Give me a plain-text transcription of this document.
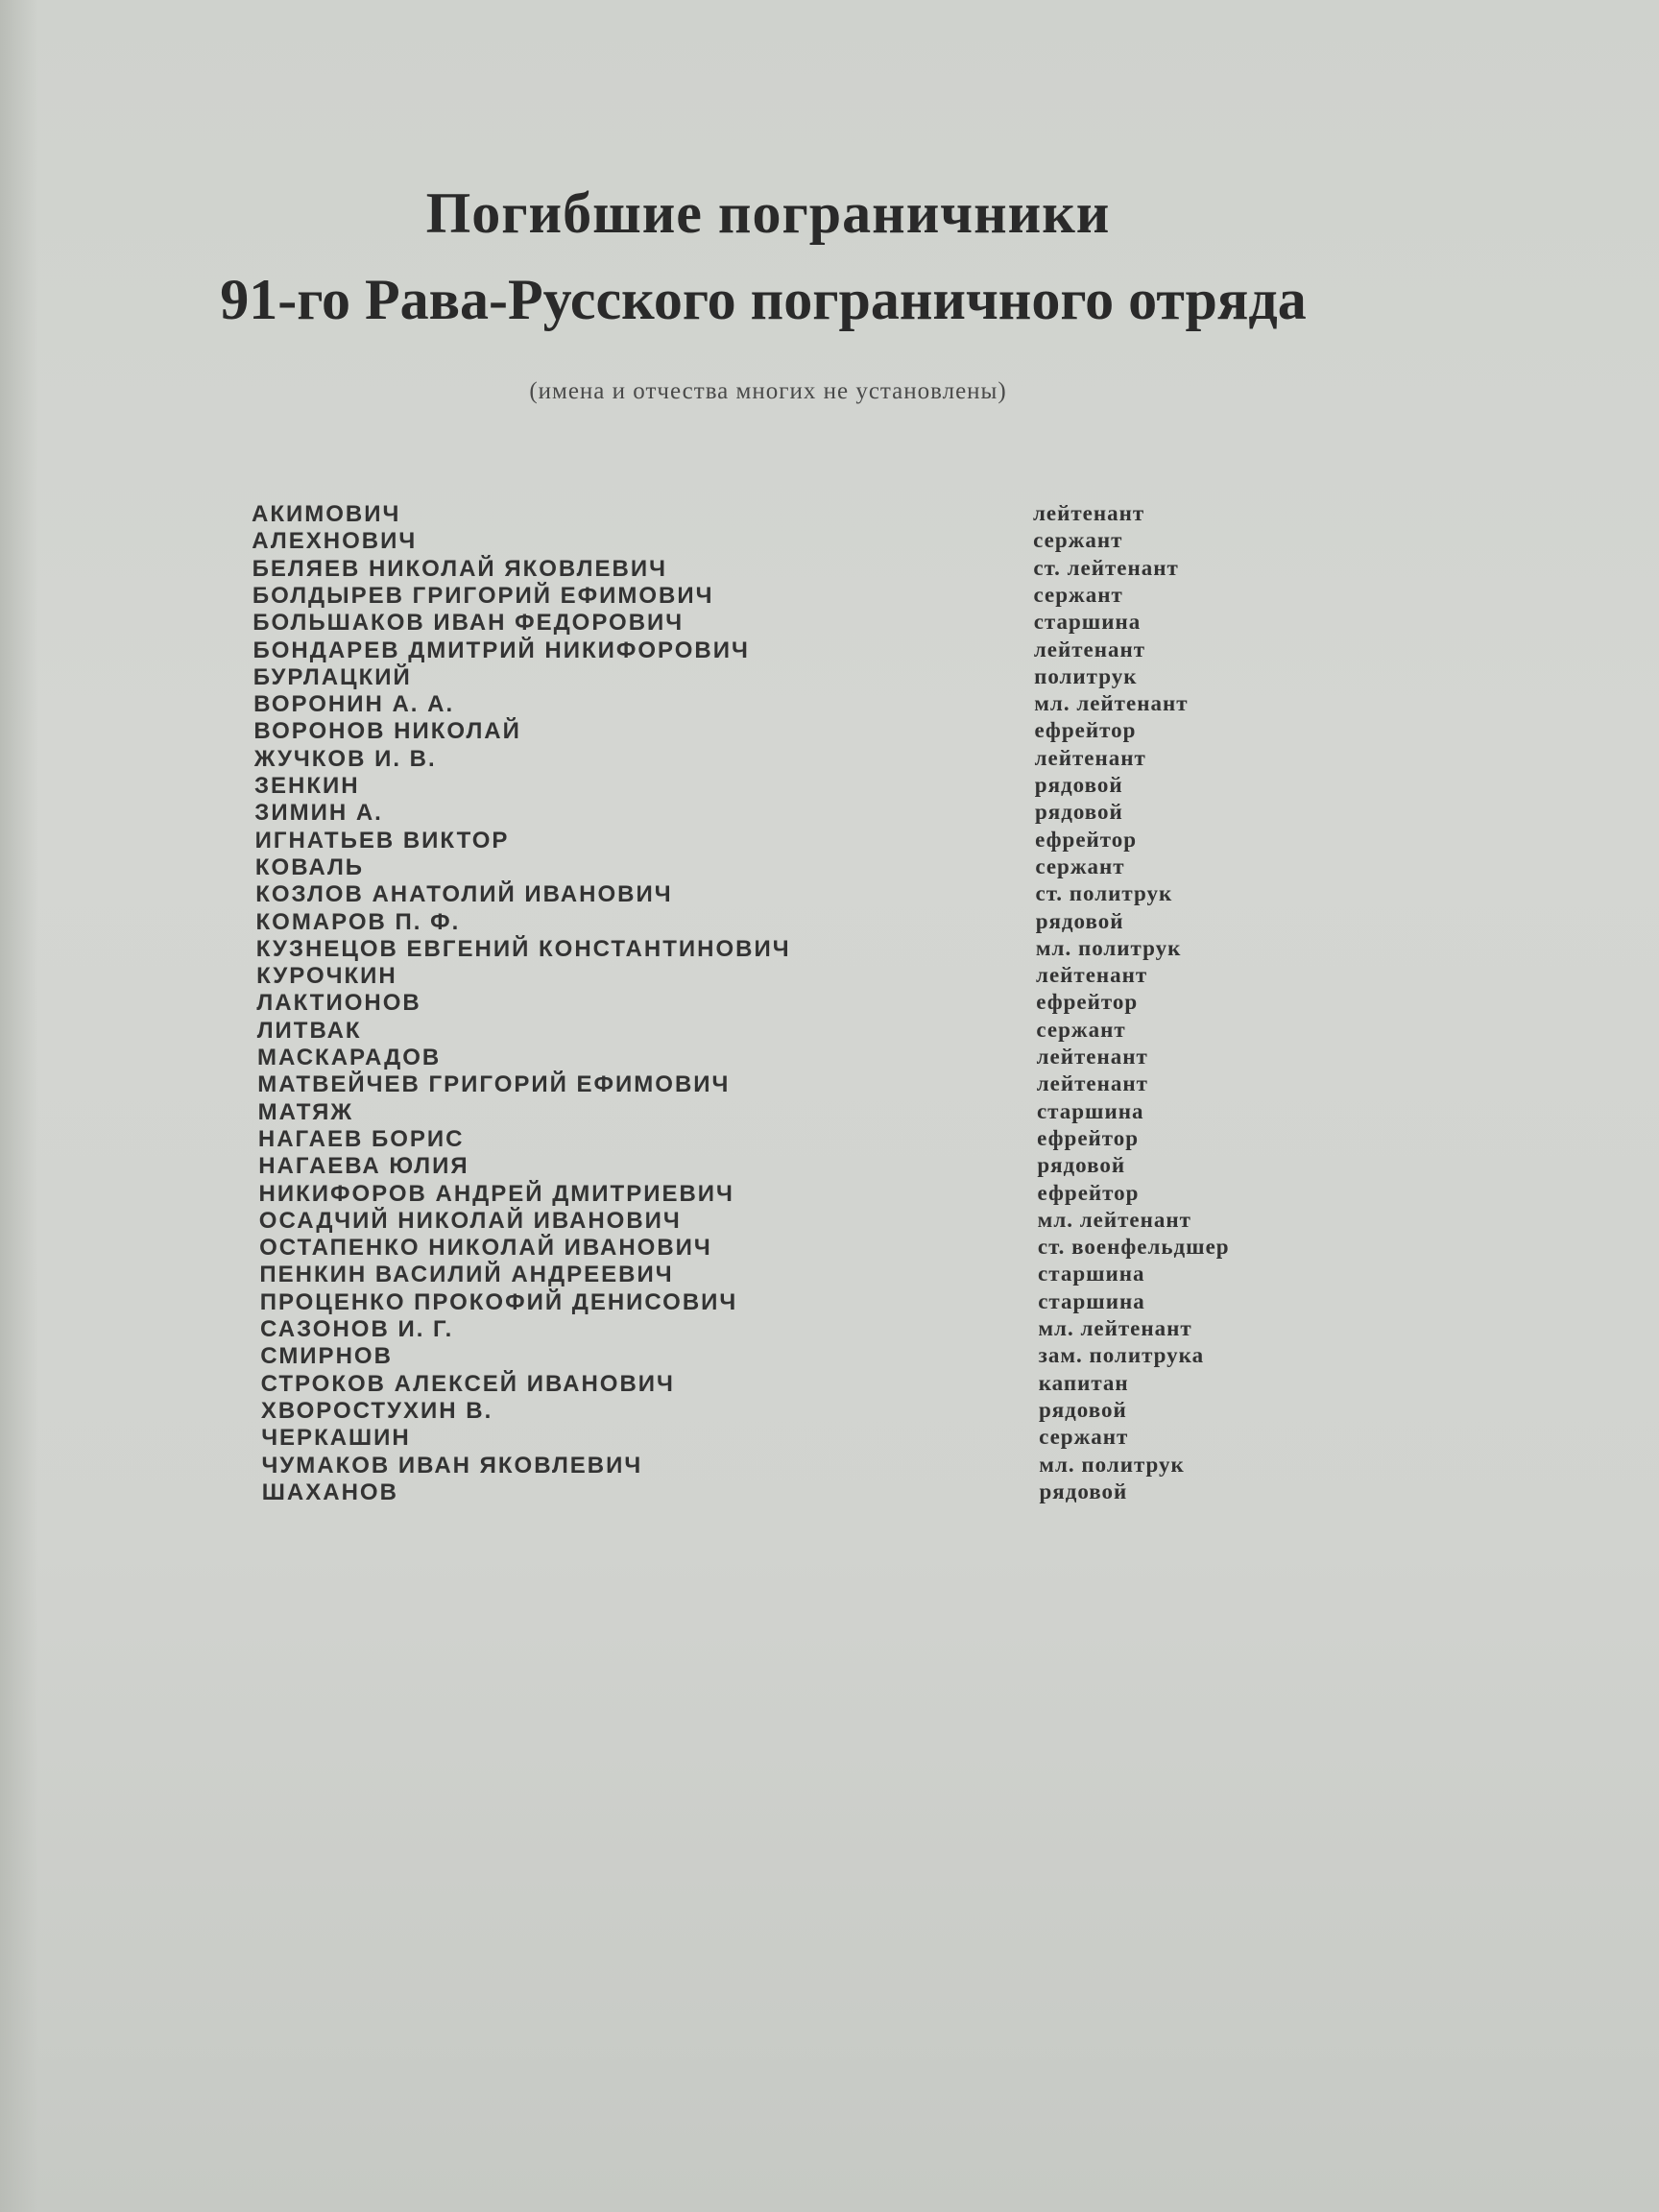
Погибшие пограничники
91-го Рава-Русского пограничного отряда

(имена и отчества многих не установлены)

АКИМОВИЧ	лейтенант
АЛЕХНОВИЧ	сержант
БЕЛЯЕВ НИКОЛАЙ ЯКОВЛЕВИЧ	ст. лейтенант
БОЛДЫРЕВ ГРИГОРИЙ ЕФИМОВИЧ	сержант
БОЛЬШАКОВ ИВАН ФЕДОРОВИЧ	старшина
БОНДАРЕВ ДМИТРИЙ НИКИФОРОВИЧ	лейтенант
БУРЛАЦКИЙ	политрук
ВОРОНИН А. А.	мл. лейтенант
ВОРОНОВ НИКОЛАЙ	ефрейтор
ЖУЧКОВ И. В.	лейтенант
ЗЕНКИН	рядовой
ЗИМИН А.	рядовой
ИГНАТЬЕВ ВИКТОР	ефрейтор
КОВАЛЬ	сержант
КОЗЛОВ АНАТОЛИЙ ИВАНОВИЧ	ст. политрук
КОМАРОВ П. Ф.	рядовой
КУЗНЕЦОВ ЕВГЕНИЙ КОНСТАНТИНОВИЧ	мл. политрук
КУРОЧКИН	лейтенант
ЛАКТИОНОВ	ефрейтор
ЛИТВАК	сержант
МАСКАРАДОВ	лейтенант
МАТВЕЙЧЕВ ГРИГОРИЙ ЕФИМОВИЧ	лейтенант
МАТЯЖ	старшина
НАГАЕВ БОРИС	ефрейтор
НАГАЕВА ЮЛИЯ	рядовой
НИКИФОРОВ АНДРЕЙ ДМИТРИЕВИЧ	ефрейтор
ОСАДЧИЙ НИКОЛАЙ ИВАНОВИЧ	мл. лейтенант
ОСТАПЕНКО НИКОЛАЙ ИВАНОВИЧ	ст. военфельдшер
ПЕНКИН ВАСИЛИЙ АНДРЕЕВИЧ	старшина
ПРОЦЕНКО ПРОКОФИЙ ДЕНИСОВИЧ	старшина
САЗОНОВ И. Г.	мл. лейтенант
СМИРНОВ	зам. политрука
СТРОКОВ АЛЕКСЕЙ ИВАНОВИЧ	капитан
ХВОРОСТУХИН В.	рядовой
ЧЕРКАШИН	сержант
ЧУМАКОВ ИВАН ЯКОВЛЕВИЧ	мл. политрук
ШАХАНОВ	рядовой
